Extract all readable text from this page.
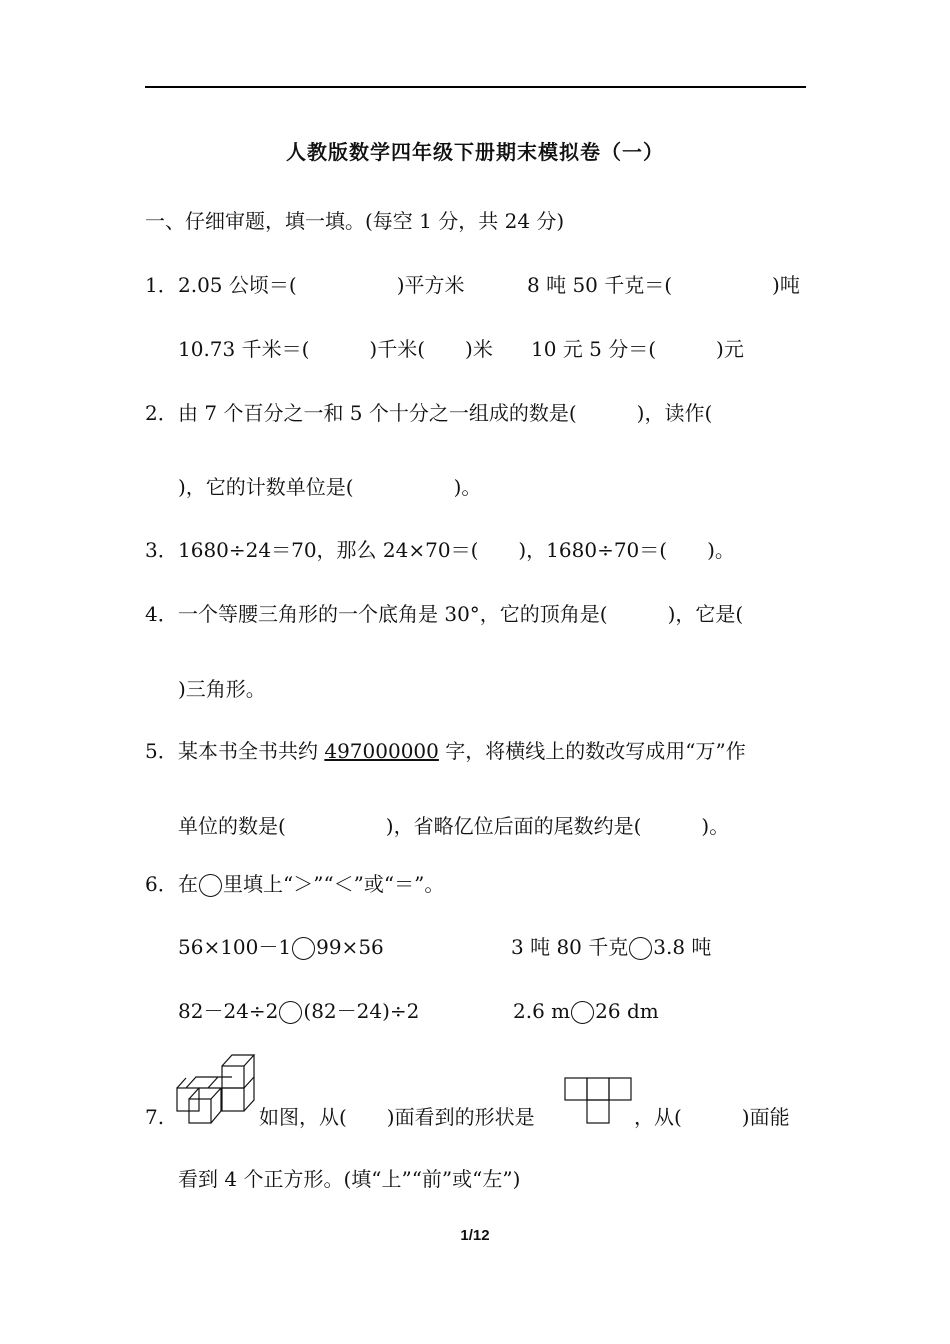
人教版数学四年级下册期末模拟卷（一）
一、仔细审题，填一填。(每空 1 分，共 24 分)
1． 2.05 公顷＝(　　　　　)平方米	8 吨 50 千克＝(　　　　　)吨
10.73 千米＝(　　　)千米(　　)米 10 元 5 分＝(　　　)元
2． 由 7 个百分之一和 5 个十分之一组成的数是(　　　)，读作(
)，它的计数单位是(　　　　　)。
3． 1680÷24＝70，那么 24×70＝(　　)，1680÷70＝(　　)。
4． 一个等腰三角形的一个底角是 30°，它的顶角是(　　　)，它是(
)三角形。
5． 某本书全书共约 497000000 字，将横线上的数改写成用“万”作
单位的数是(　　　　　)，省略亿位后面的尾数约是(　　　)。
6． 在 里填上“＞”“＜”或“＝”。
56×100－1 99×56	3 吨 80 千克 3.8 吨
82－24÷2 (82－24)÷2	2.6 m 26 dm
7.	如图，从(　　)面看到的形状是	，从(　　　)面能
看到 4 个正方形。(填“上”“前”或“左”)
1/12
